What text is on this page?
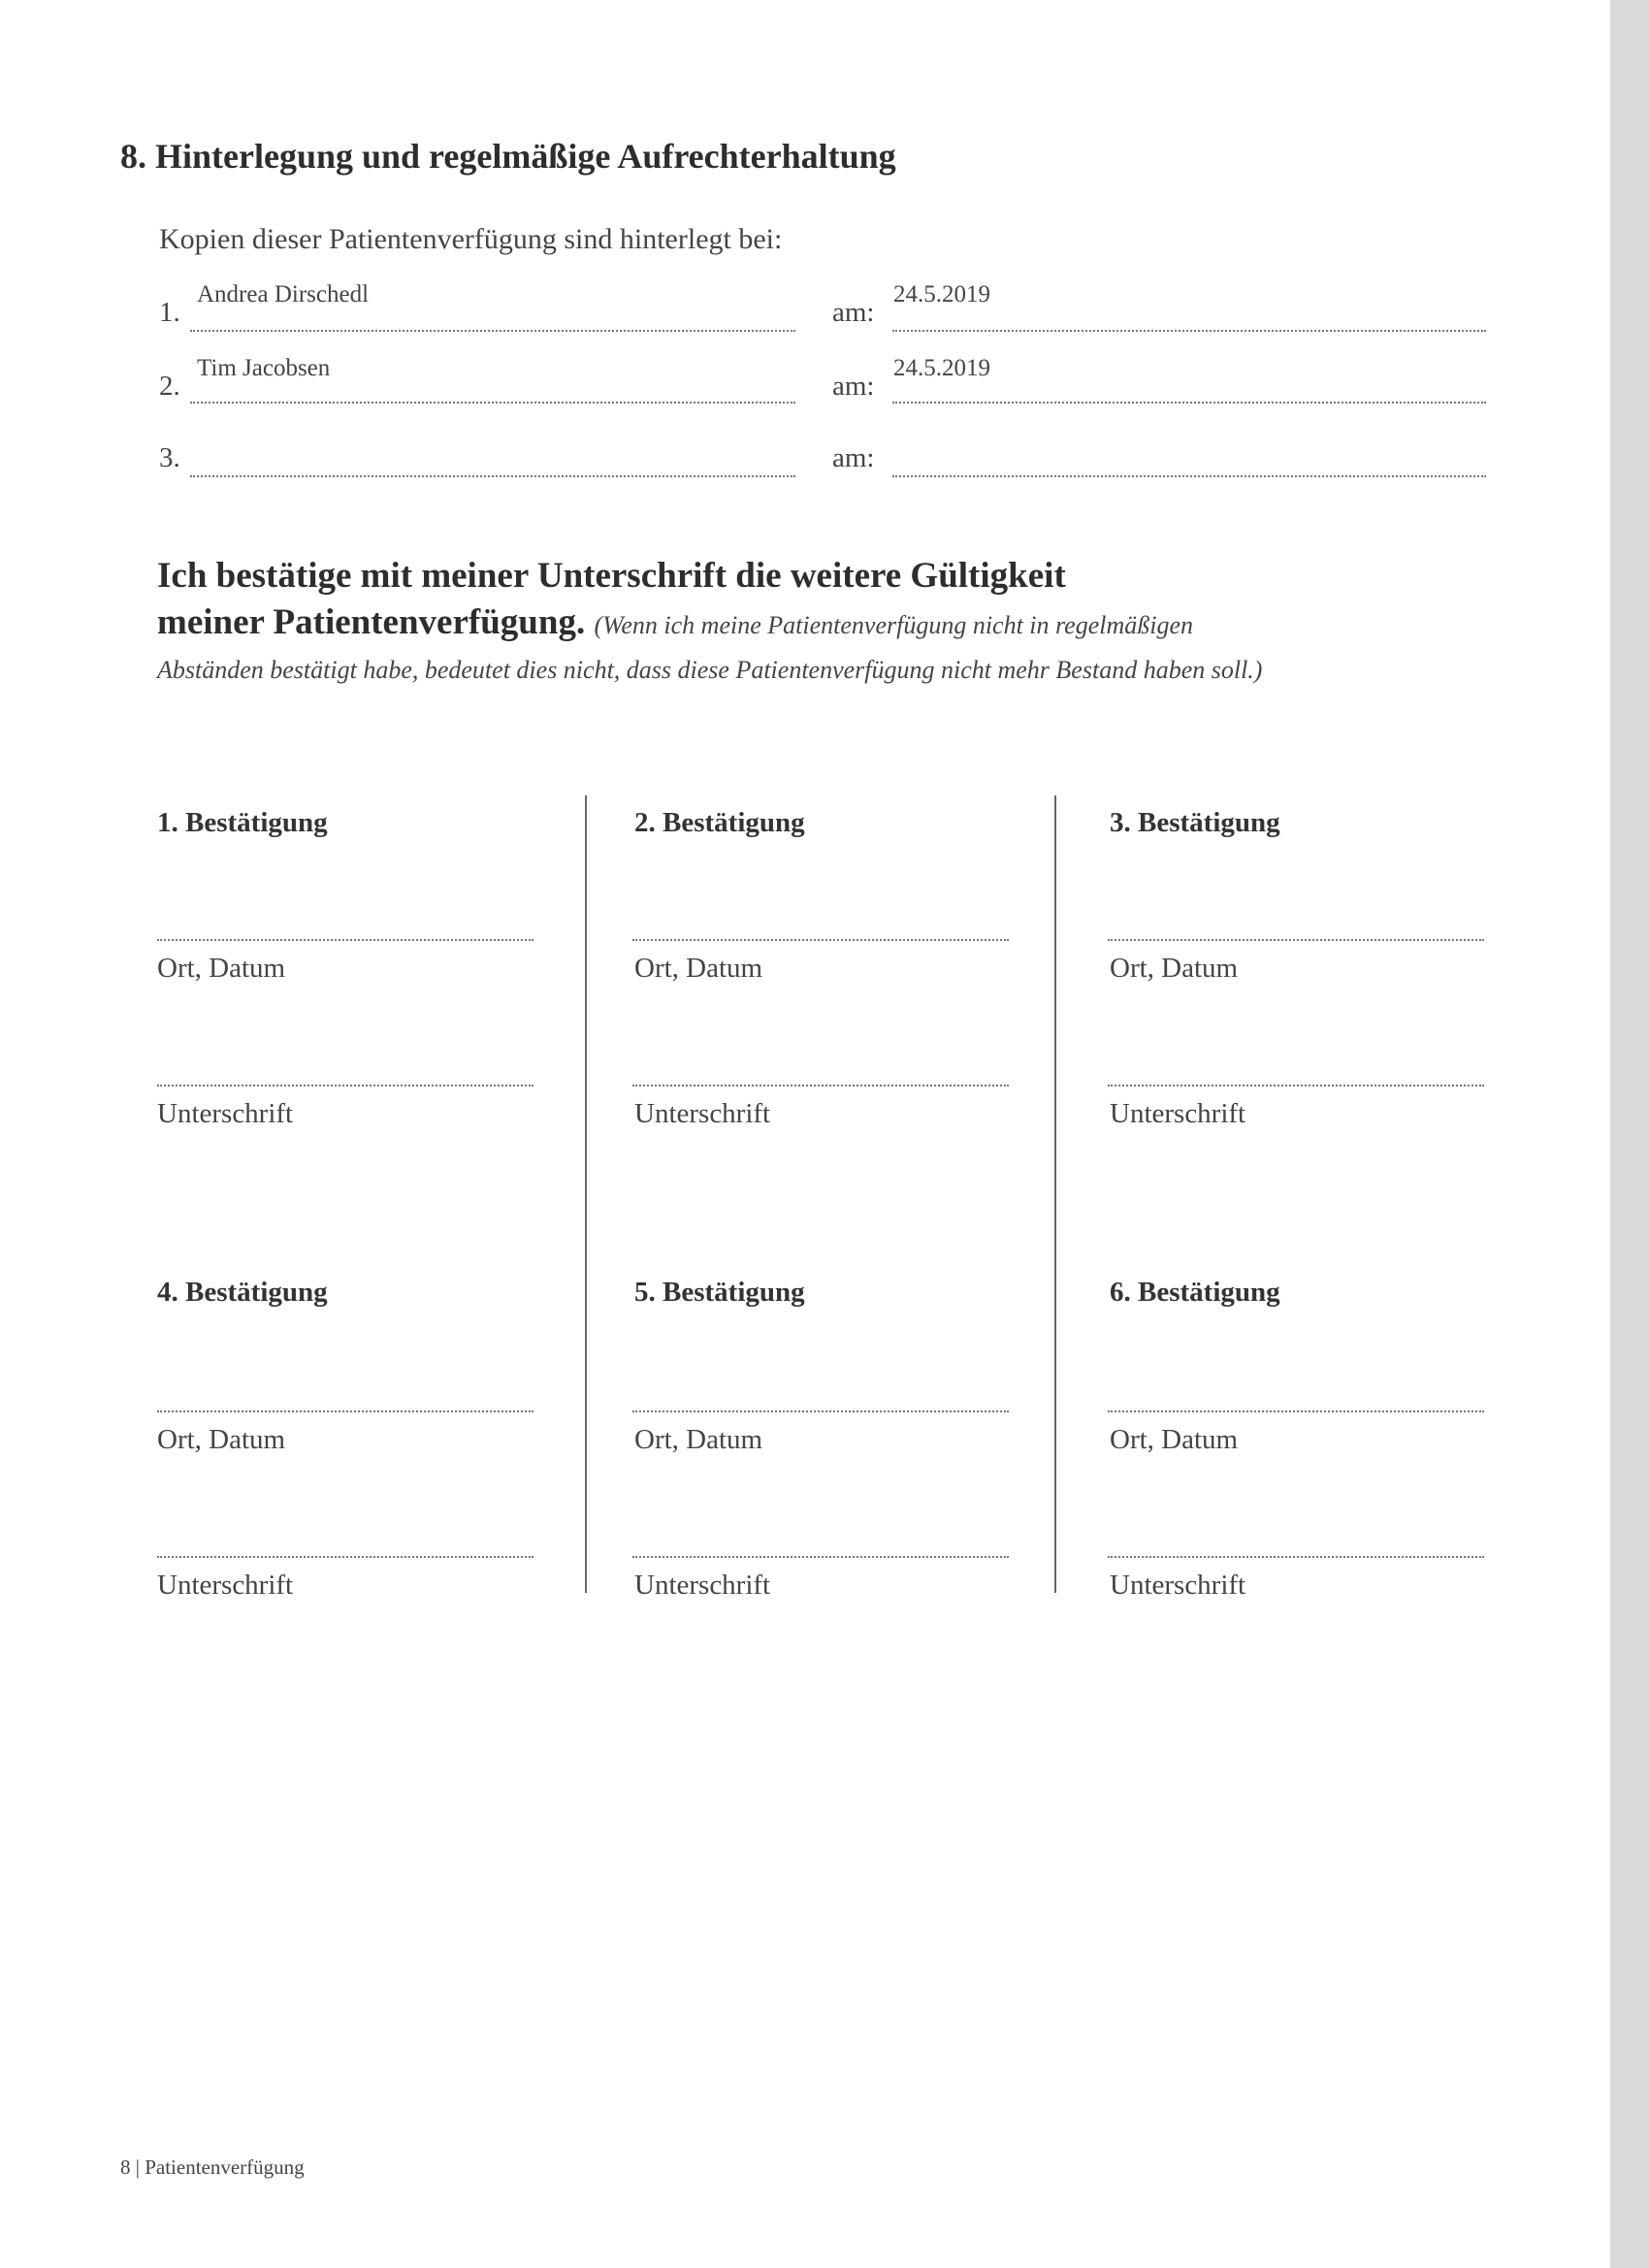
8. Hinterlegung und regelmäßige Aufrechterhaltung
Kopien dieser Patientenverfügung sind hinterlegt bei:
1.
Andrea Dirschedl
am:
24.5.2019
2.
Tim Jacobsen
am:
24.5.2019
3.	am:
Ich bestätige mit meiner Unterschrift die weitere Gültigkeit
meiner Patientenverfügung. (Wenn ich meine Patientenverfügung nicht in regelmäßigen
Abständen bestätigt habe, bedeutet dies nicht, dass diese Patientenverfügung nicht mehr Bestand haben soll.)
1. Bestätigung
Ort, Datum
Unterschrift
2. Bestätigung
Ort, Datum
Unterschrift
3. Bestätigung
Ort, Datum
Unterschrift
4. Bestätigung
Ort, Datum
Unterschrift
5. Bestätigung
Ort, Datum
Unterschrift
6. Bestätigung
Ort, Datum
Unterschrift
8 | Patientenverfügung
